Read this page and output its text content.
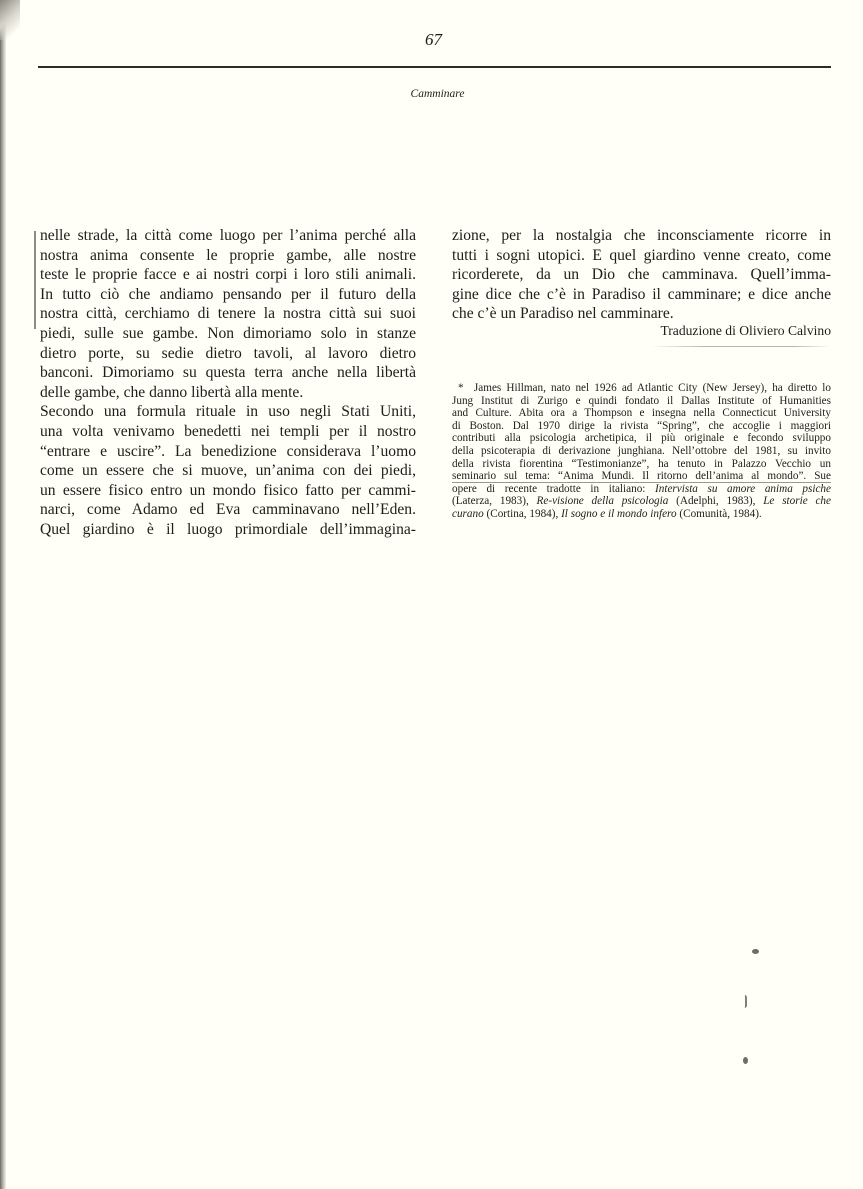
67
Camminare
nelle strade, la città come luogo per l’anima perché alla
nostra anima consente le proprie gambe, alle nostre
teste le proprie facce e ai nostri corpi i loro stili animali.
In tutto ciò che andiamo pensando per il futuro della
nostra città, cerchiamo di tenere la nostra città sui suoi
piedi, sulle sue gambe. Non dimoriamo solo in stanze
dietro porte, su sedie dietro tavoli, al lavoro dietro
banconi. Dimoriamo su questa terra anche nella libertà
delle gambe, che danno libertà alla mente.
Secondo una formula rituale in uso negli Stati Uniti,
una volta venivamo benedetti nei templi per il nostro
“entrare e uscire”. La benedizione considerava l’uomo
come un essere che si muove, un’anima con dei piedi,
un essere fisico entro un mondo fisico fatto per cammi-
narci, come Adamo ed Eva camminavano nell’Eden.
Quel giardino è il luogo primordiale dell’immagina-
zione, per la nostalgia che inconsciamente ricorre in
tutti i sogni utopici. E quel giardino venne creato, come
ricorderete, da un Dio che camminava. Quell’imma-
gine dice che c’è in Paradiso il camminare; e dice anche
che c’è un Paradiso nel camminare.
Traduzione di Oliviero Calvino
* James Hillman, nato nel 1926 ad Atlantic City (New Jersey), ha diretto lo
Jung Institut di Zurigo e quindi fondato il Dallas Institute of Humanities
and Culture. Abita ora a Thompson e insegna nella Connecticut University
di Boston. Dal 1970 dirige la rivista “Spring”, che accoglie i maggiori
contributi alla psicologia archetipica, il più originale e fecondo sviluppo
della psicoterapia di derivazione junghiana. Nell’ottobre del 1981, su invito
della rivista fiorentina “Testimonianze”, ha tenuto in Palazzo Vecchio un
seminario sul tema: “Anima Mundi. Il ritorno dell’anima al mondo”. Sue
opere di recente tradotte in italiano: Intervista su amore anima psiche
(Laterza, 1983), Re-visione della psicologia (Adelphi, 1983), Le storie che
curano (Cortina, 1984), Il sogno e il mondo infero (Comunità, 1984).
